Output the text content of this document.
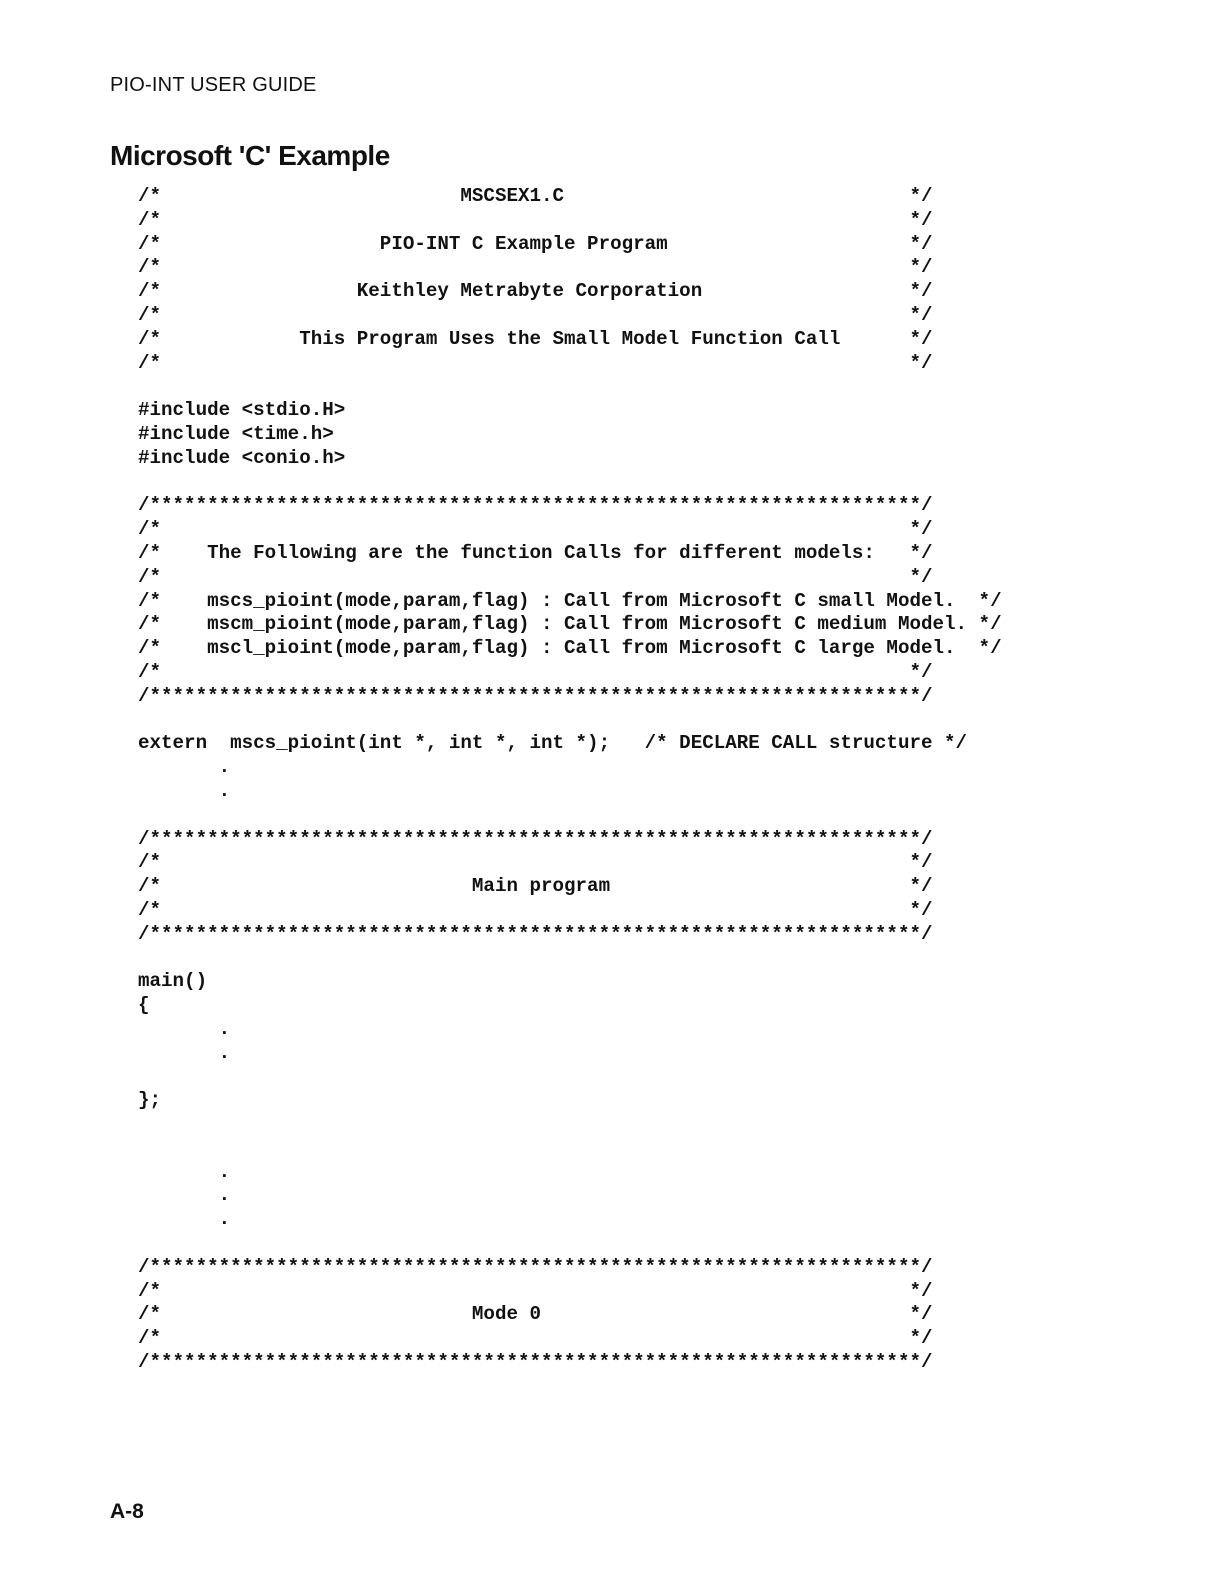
PIO-INT USER GUIDE
Microsoft 'C' Example
/*                          MSCSEX1.C                              */
/*                                                                 */
/*                   PIO-INT C Example Program                     */
/*                                                                 */
/*                 Keithley Metrabyte Corporation                  */
/*                                                                 */
/*            This Program Uses the Small Model Function Call      */
/*                                                                 */
#include <stdio.H>
#include <time.h>
#include <conio.h>
/*******************************************************************/
/*                                                                 */
/*    The Following are the function Calls for different models:   */
/*                                                                 */
/*    mscs_pioint(mode,param,flag) : Call from Microsoft C small Model.  */
/*    mscm_pioint(mode,param,flag) : Call from Microsoft C medium Model. */
/*    mscl_pioint(mode,param,flag) : Call from Microsoft C large Model.  */
/*                                                                 */
/*******************************************************************/
extern  mscs_pioint(int *, int *, int *);   /* DECLARE CALL structure */
.
.
/*******************************************************************/
/*                                                                 */
/*                           Main program                          */
/*                                                                 */
/*******************************************************************/
main()
{
.
.
};
.
.
.
/*******************************************************************/
/*                                                                 */
/*                           Mode 0                                */
/*                                                                 */
/*******************************************************************/
A-8
